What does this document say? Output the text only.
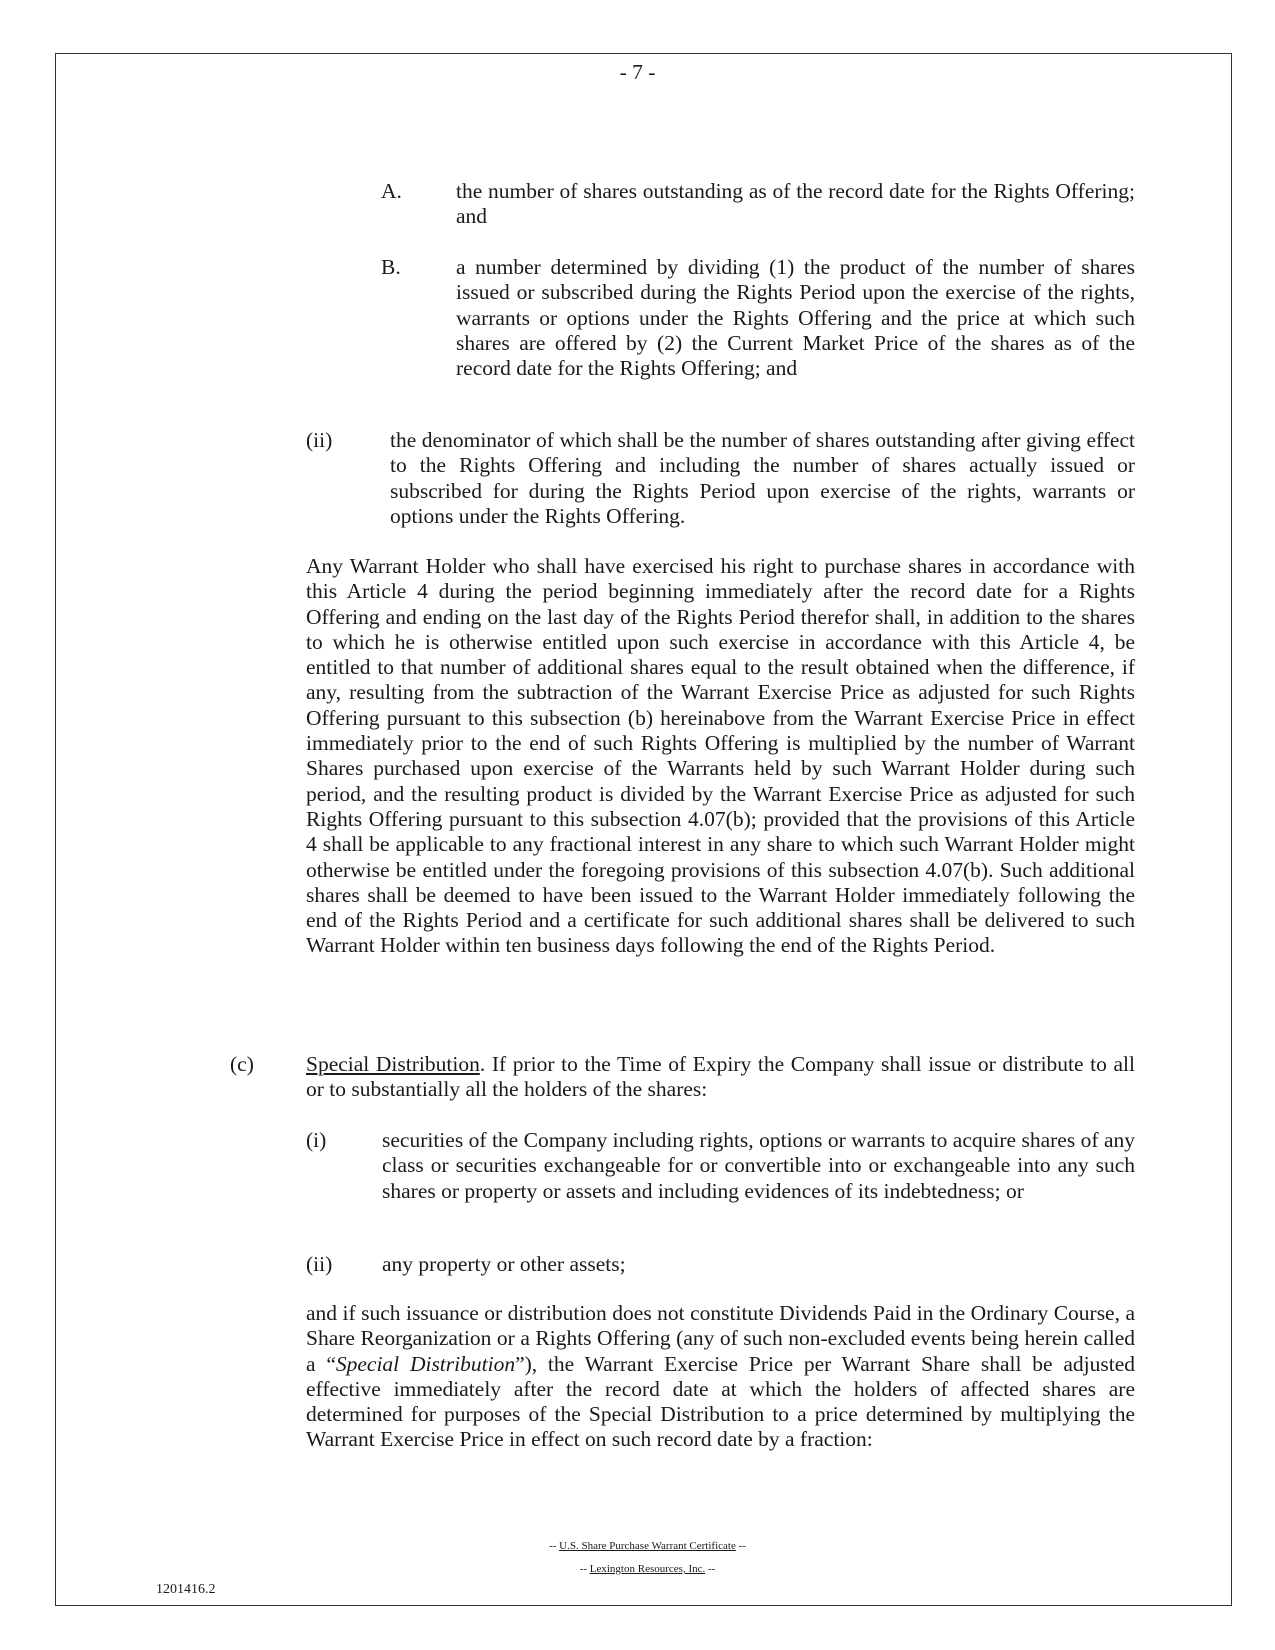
- 7 -
A.	the number of shares outstanding as of the record date for the Rights Offering; and
B.	a number determined by dividing (1) the product of the number of shares issued or subscribed during the Rights Period upon the exercise of the rights, warrants or options under the Rights Offering and the price at which such shares are offered by (2) the Current Market Price of the shares as of the record date for the Rights Offering; and
(ii)	the denominator of which shall be the number of shares outstanding after giving effect to the Rights Offering and including the number of shares actually issued or subscribed for during the Rights Period upon exercise of the rights, warrants or options under the Rights Offering.
Any Warrant Holder who shall have exercised his right to purchase shares in accordance with this Article 4 during the period beginning immediately after the record date for a Rights Offering and ending on the last day of the Rights Period therefor shall, in addition to the shares to which he is otherwise entitled upon such exercise in accordance with this Article 4, be entitled to that number of additional shares equal to the result obtained when the difference, if any, resulting from the subtraction of the Warrant Exercise Price as adjusted for such Rights Offering pursuant to this subsection (b) hereinabove from the Warrant Exercise Price in effect immediately prior to the end of such Rights Offering is multiplied by the number of Warrant Shares purchased upon exercise of the Warrants held by such Warrant Holder during such period, and the resulting product is divided by the Warrant Exercise Price as adjusted for such Rights Offering pursuant to this subsection 4.07(b); provided that the provisions of this Article 4 shall be applicable to any fractional interest in any share to which such Warrant Holder might otherwise be entitled under the foregoing provisions of this subsection 4.07(b). Such additional shares shall be deemed to have been issued to the Warrant Holder immediately following the end of the Rights Period and a certificate for such additional shares shall be delivered to such Warrant Holder within ten business days following the end of the Rights Period.
(c) Special Distribution. If prior to the Time of Expiry the Company shall issue or distribute to all or to substantially all the holders of the shares:
(i)	securities of the Company including rights, options or warrants to acquire shares of any class or securities exchangeable for or convertible into or exchangeable into any such shares or property or assets and including evidences of its indebtedness; or
(ii) any property or other assets;
and if such issuance or distribution does not constitute Dividends Paid in the Ordinary Course, a Share Reorganization or a Rights Offering (any of such non-excluded events being herein called a “Special Distribution”), the Warrant Exercise Price per Warrant Share shall be adjusted effective immediately after the record date at which the holders of affected shares are determined for purposes of the Special Distribution to a price determined by multiplying the Warrant Exercise Price in effect on such record date by a fraction:
-- U.S. Share Purchase Warrant Certificate --
-- Lexington Resources, Inc. --
1201416.2
